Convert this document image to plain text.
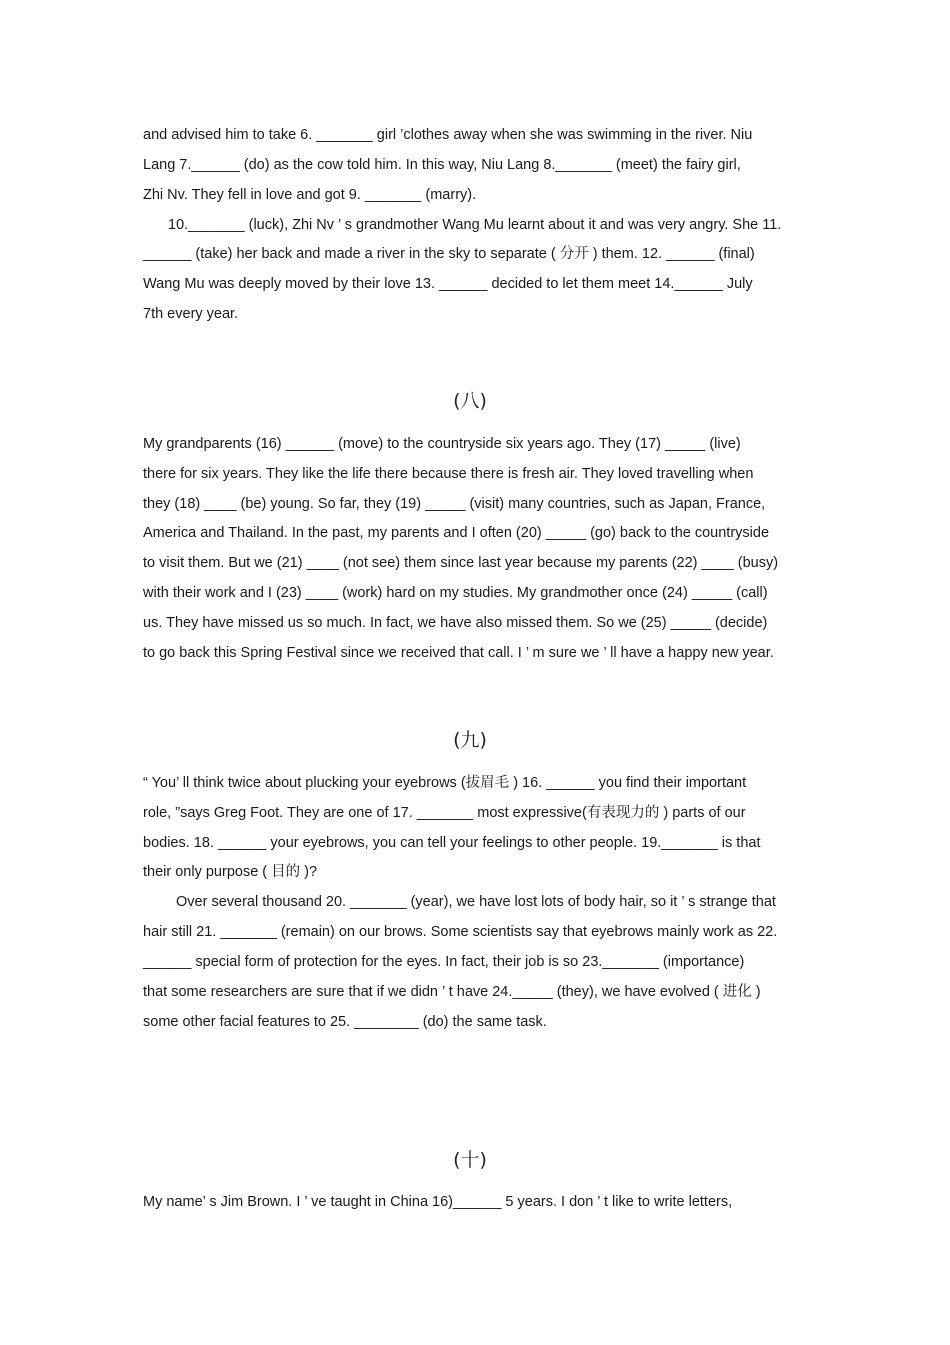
and advised him to take 6. _______ girl ’clothes away when she was swimming in the river. Niu
Lang 7.______ (do) as the cow told him. In this way, Niu Lang 8._______ (meet) the fairy girl,
Zhi Nv. They fell in love and got 9. _______ (marry).
10._______ (luck), Zhi Nv ’ s grandmother Wang Mu learnt about it and was very angry. She 11.
______ (take) her back and made a river in the sky to separate ( 分开 ) them. 12. ______ (final)
Wang Mu was deeply moved by their love 13. ______ decided to let them meet 14.______ July
7th every year.
(八)
My grandparents (16) ______ (move) to the countryside six years ago. They (17) _____ (live)
there for six years. They like the life there because there is fresh air. They loved travelling when
they (18) ____ (be) young. So far, they (19) _____ (visit) many countries, such as Japan, France,
America and Thailand. In the past, my parents and I often (20) _____ (go) back to the countryside
to visit them. But we (21) ____ (not see) them since last year because my parents (22) ____ (busy)
with their work and I (23) ____ (work) hard on my studies. My grandmother once (24) _____ (call)
us. They have missed us so much. In fact, we have also missed them. So we (25) _____ (decide)
to go back this Spring Festival since we received that call. I ’ m sure we ’ ll have a happy new year.
(九)
“ You’ ll think twice about plucking your eyebrows (拔眉毛 ) 16. ______ you find their important
role, ”says Greg Foot. They are one of 17. _______ most expressive(有表现力的 ) parts of our
bodies. 18. ______ your eyebrows, you can tell your feelings to other people. 19._______ is that
their only purpose ( 目的 )?
Over several thousand 20. _______ (year), we have lost lots of body hair, so it ’ s strange that
hair still 21. _______ (remain) on our brows. Some scientists say that eyebrows mainly work as 22.
______ special form of protection for the eyes. In fact, their job is so 23._______ (importance)
that some researchers are sure that if we didn ’ t have 24._____ (they), we have evolved ( 进化 )
some other facial features to 25. ________ (do) the same task.
(十)
My name’ s Jim Brown. I ’ ve taught in China 16)______ 5 years. I don ’ t like to write letters,
